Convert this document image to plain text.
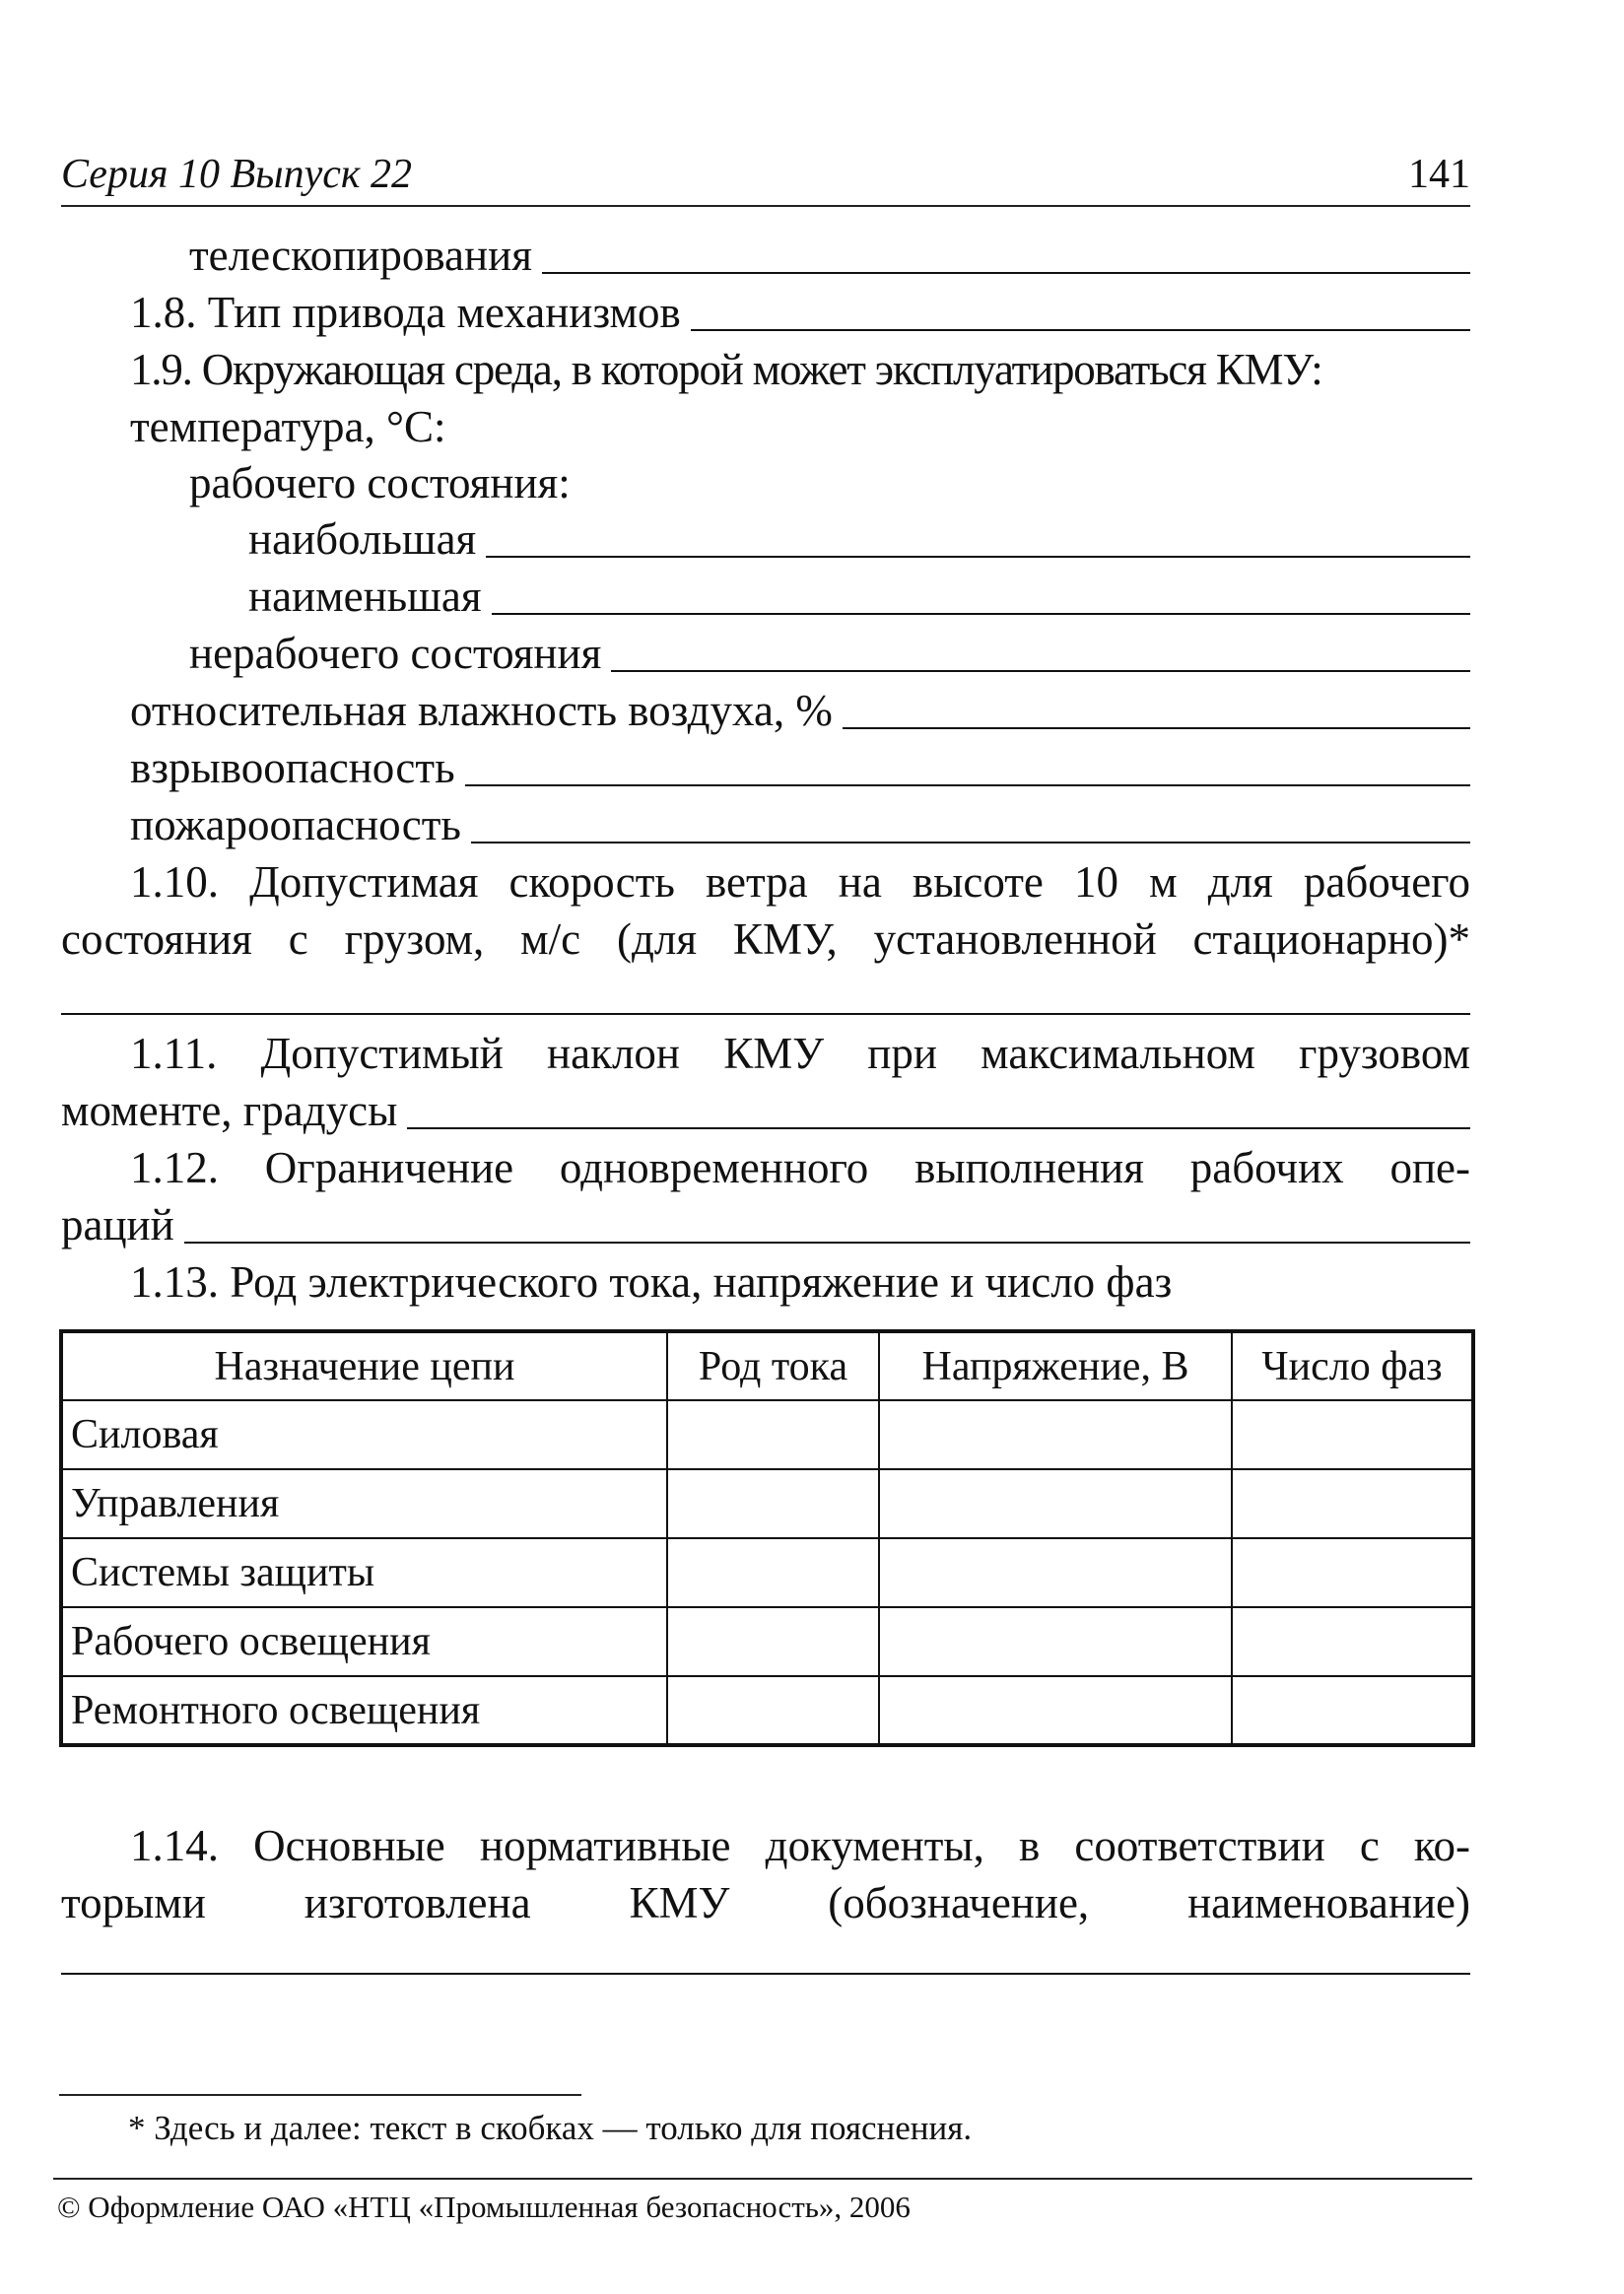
Серия 10 Выпуск 22	141
телескопирования
1.8. Тип привода механизмов
1.9. Окружающая среда, в которой может эксплуатироваться КМУ:
температура, °C:
рабочего состояния:
наибольшая
наименьшая
нерабочего состояния
относительная влажность воздуха, %
взрывоопасность
пожароопасность
1.10. Допустимая скорость ветра на высоте 10 м для рабочего
состояния с грузом, м/с (для КМУ, установленной стационарно)*
1.11. Допустимый наклон КМУ при максимальном грузовом
моменте, градусы
1.12. Ограничение одновременного выполнения рабочих опе-
раций
1.13. Род электрического тока, напряжение и число фаз
Назначение цепи	Род тока	Напряжение, В	Число фаз
Силовая			
Управления			
Системы защиты			
Рабочего освещения			
Ремонтного освещения			
1.14. Основные нормативные документы, в соответствии с ко-
торыми изготовлена КМУ (обозначение, наименование)
* Здесь и далее: текст в скобках — только для пояснения.
© Оформление ОАО «НТЦ «Промышленная безопасность», 2006
